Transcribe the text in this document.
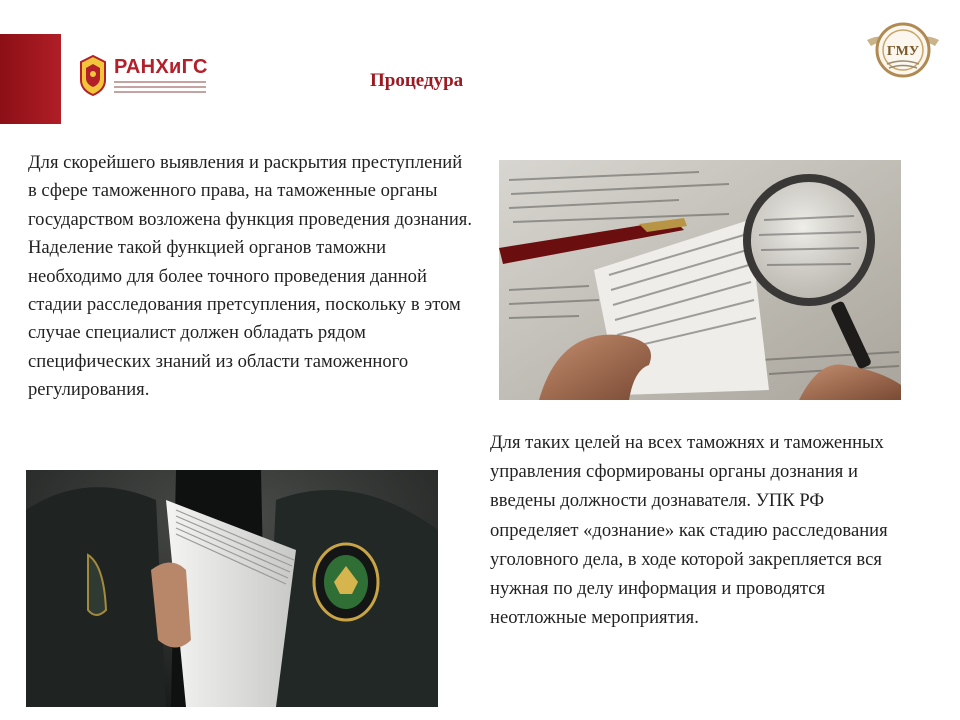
РАНХиГС
Процедура
ГМУ

Для скорейшего выявления и раскрытия преступлений в сфере таможенного права, на таможенные органы государством возложена функция проведения дознания. Наделение такой функцией органов таможни необходимо для более точного проведения данной стадии расследования претсупления, поскольку в этом случае специалист должен обладать рядом специфических знаний из области таможенного регулирования.

Для таких целей на всех таможнях и таможенных управления сформированы органы дознания и введены должности дознавателя. УПК РФ определяет «дознание» как стадию расследования уголовного дела, в ходе которой закрепляется вся нужная по делу информация и проводятся неотложные мероприятия.
